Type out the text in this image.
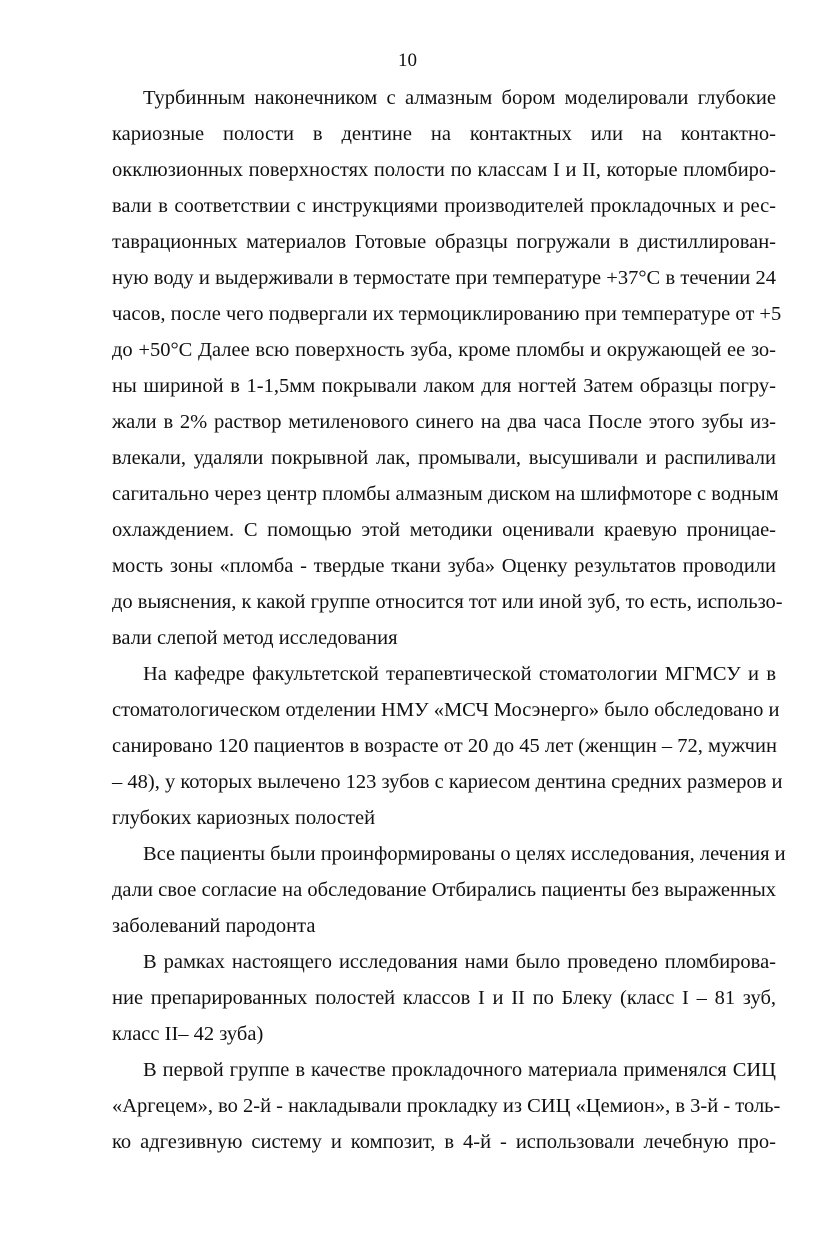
10
Турбинным наконечником с алмазным бором моделировали глубокие
кариозные полости в дентине на контактных или на контактно-
окклюзионных поверхностях полости по классам I и II, которые пломбиро-
вали в соответствии с инструкциями производителей прокладочных и рес-
таврационных материалов Готовые образцы погружали в дистиллирован-
ную воду и выдерживали в термостате при температуре +37°С в течении 24
часов, после чего подвергали их термоциклированию при температуре от +5
до +50°С Далее всю поверхность зуба, кроме пломбы и окружающей ее зо-
ны шириной в 1-1,5мм покрывали лаком для ногтей Затем образцы погру-
жали в 2% раствор метиленового синего на два часа После этого зубы из-
влекали, удаляли покрывной лак, промывали, высушивали и распиливали
сагитально через центр пломбы алмазным диском на шлифмоторе с водным
охлаждением. С помощью этой методики оценивали краевую проницае-
мость зоны «пломба - твердые ткани зуба» Оценку результатов проводили
до выяснения, к какой группе относится тот или иной зуб, то есть, использо-
вали слепой метод исследования
На кафедре факультетской терапевтической стоматологии МГМСУ и в
стоматологическом отделении НМУ «МСЧ Мосэнерго» было обследовано и
санировано 120 пациентов в возрасте от 20 до 45 лет (женщин – 72, мужчин
– 48), у которых вылечено 123 зубов с кариесом дентина средних размеров и
глубоких кариозных полостей
Все пациенты были проинформированы о целях исследования, лечения и
дали свое согласие на обследование Отбирались пациенты без выраженных
заболеваний пародонта
В рамках настоящего исследования нами было проведено пломбирова-
ние препарированных полостей классов I и II по Блеку (класс I – 81 зуб,
класс II– 42 зуба)
В первой группе в качестве прокладочного материала применялся СИЦ
«Аргецем», во 2-й - накладывали прокладку из СИЦ «Цемион», в 3-й - толь-
ко адгезивную систему и композит, в 4-й - использовали лечебную про-
